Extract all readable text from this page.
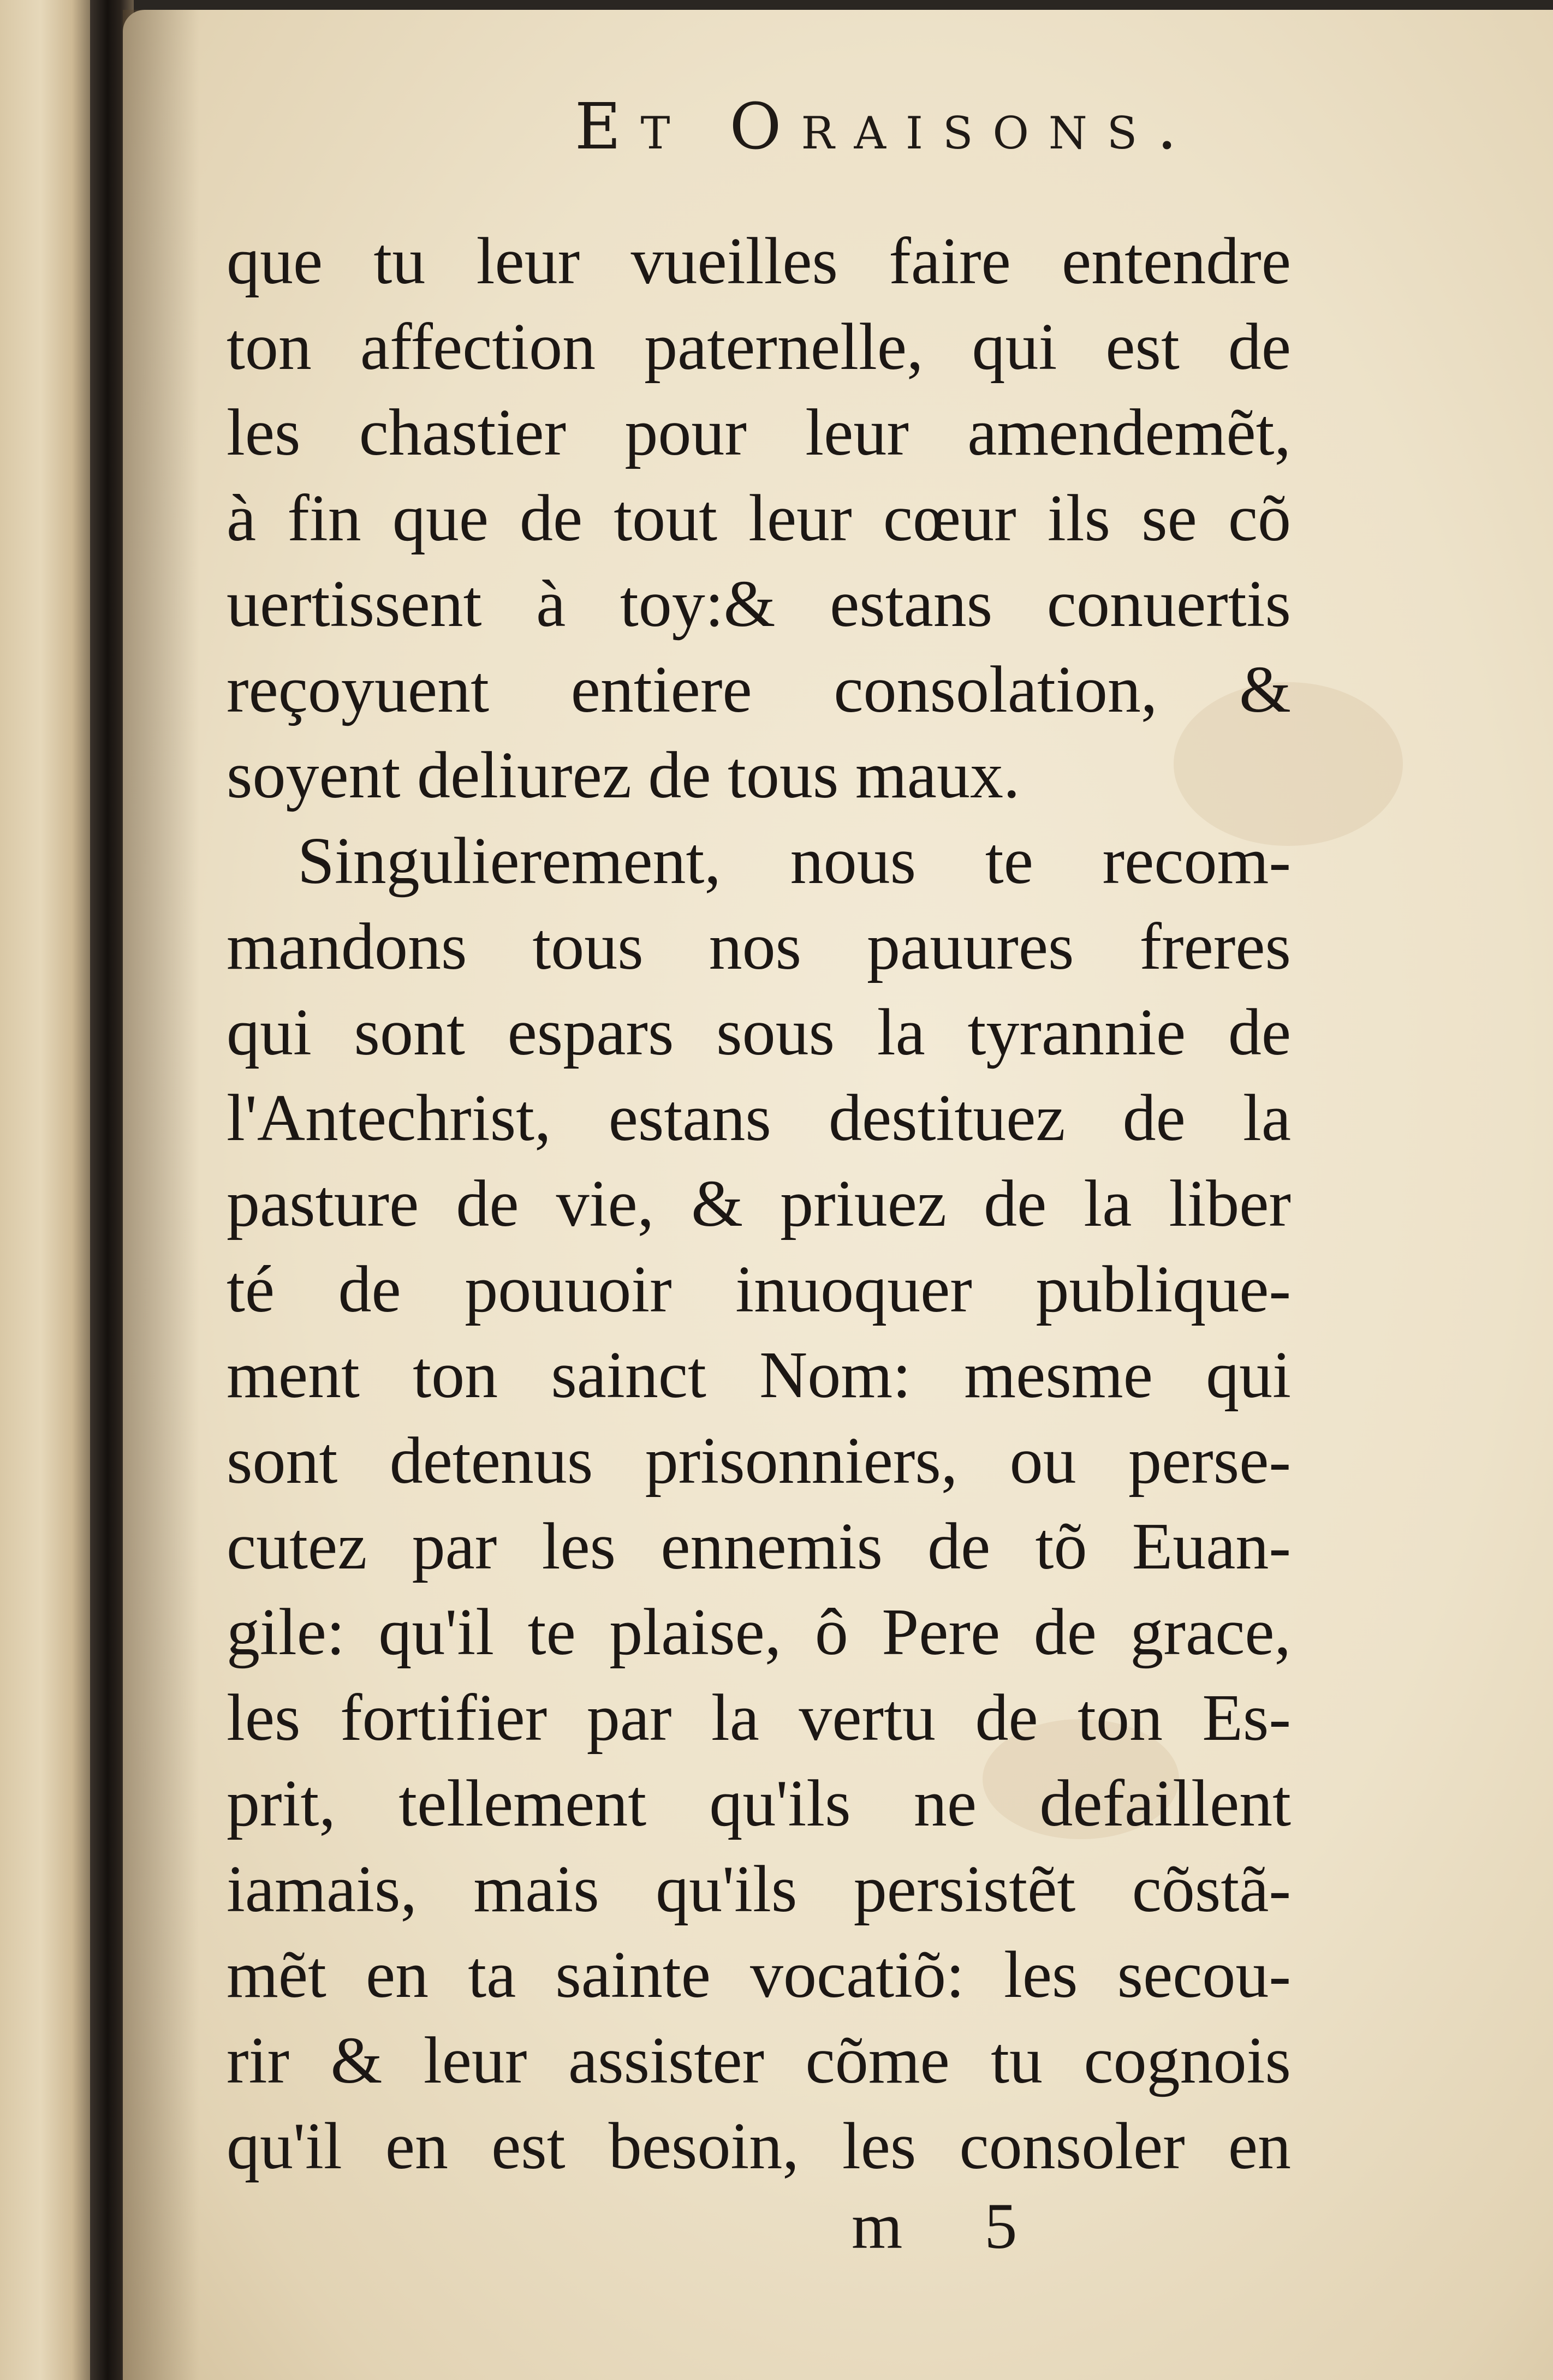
Et Oraisons.
que tu leur vueilles faire entendre
ton affection paternelle, qui est de
les chastier pour leur amendemẽt,
à fin que de tout leur cœur ils se cõ
uertissent à toy:& estans conuertis
reçoyuent entiere consolation, &
soyent deliurez de tous maux.
Singulierement, nous te recom-
mandons tous nos pauures freres
qui sont espars sous la tyrannie de
l'Antechrist, estans destituez de la
pasture de vie, & priuez de la liber
té de pouuoir inuoquer publique-
ment ton sainct Nom: mesme qui
sont detenus prisonniers, ou perse-
cutez par les ennemis de tõ Euan-
gile: qu'il te plaise, ô Pere de grace,
les fortifier par la vertu de ton Es-
prit, tellement qu'ils ne defaillent
iamais, mais qu'ils persistẽt cõstã-
mẽt en ta sainte vocatiõ: les secou-
rir & leur assister cõme tu cognois
qu'il en est besoin, les consoler en
m 5
